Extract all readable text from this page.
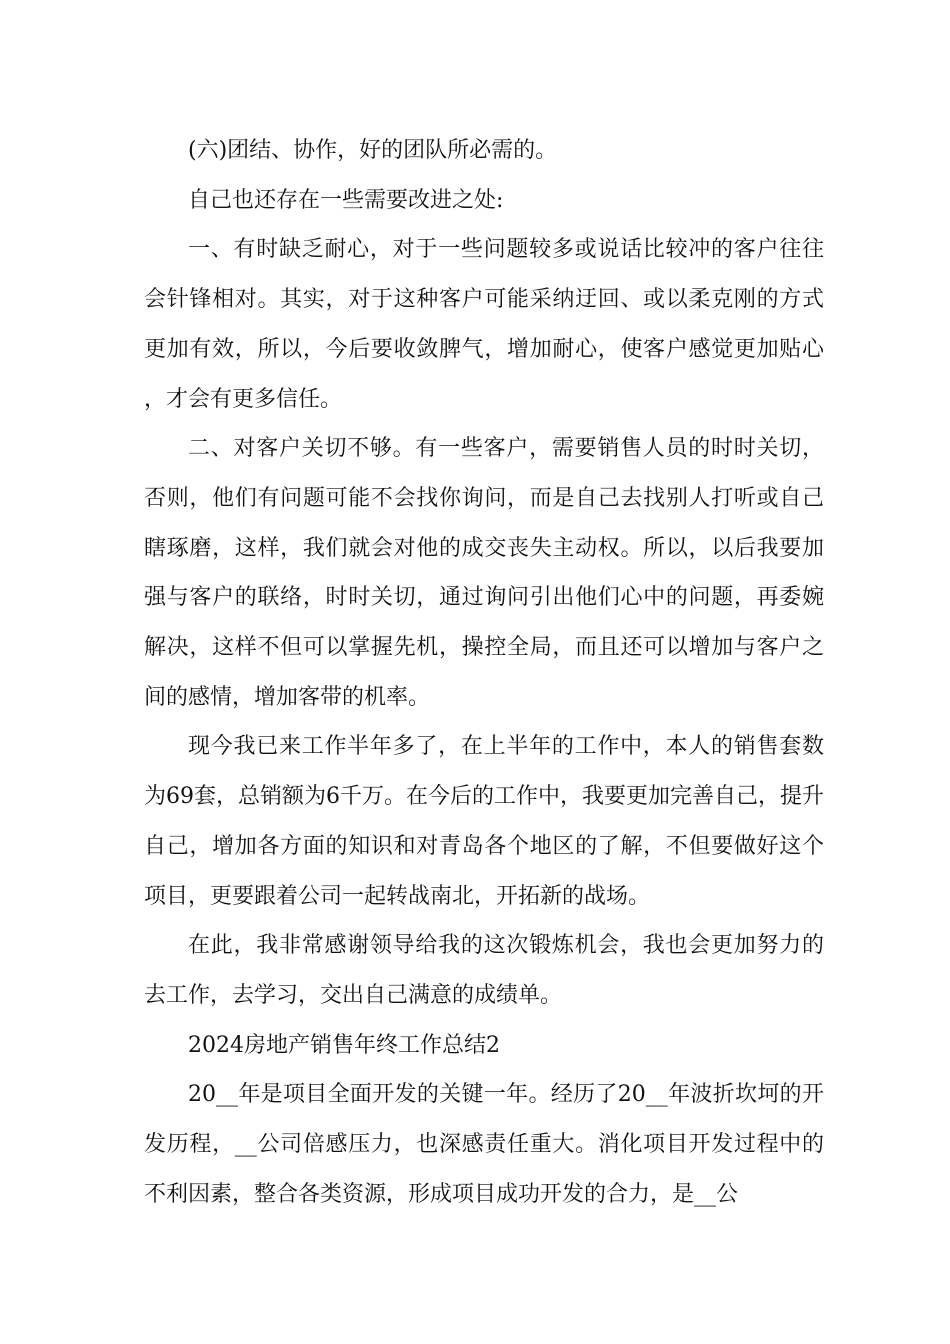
(六)团结、协作，好的团队所必需的。

自己也还存在一些需要改进之处:

一、有时缺乏耐心，对于一些问题较多或说话比较冲的客户往往会针锋相对。其实，对于这种客户可能采纳迂回、或以柔克刚的方式更加有效，所以，今后要收敛脾气，增加耐心，使客户感觉更加贴心，才会有更多信任。

二、对客户关切不够。有一些客户，需要销售人员的时时关切，否则，他们有问题可能不会找你询问，而是自己去找别人打听或自己瞎琢磨，这样，我们就会对他的成交丧失主动权。所以，以后我要加强与客户的联络，时时关切，通过询问引出他们心中的问题，再委婉解决，这样不但可以掌握先机，操控全局，而且还可以增加与客户之间的感情，增加客带的机率。

现今我已来工作半年多了，在上半年的工作中，本人的销售套数为69套，总销额为6千万。在今后的工作中，我要更加完善自己，提升自己，增加各方面的知识和对青岛各个地区的了解，不但要做好这个项目，更要跟着公司一起转战南北，开拓新的战场。

在此，我非常感谢领导给我的这次锻炼机会，我也会更加努力的去工作，去学习，交出自己满意的成绩单。

2024房地产销售年终工作总结2

20__年是项目全面开发的关键一年。经历了20__年波折坎坷的开发历程，__公司倍感压力，也深感责任重大。消化项目开发过程中的不利因素，整合各类资源，形成项目成功开发的合力，是__公
